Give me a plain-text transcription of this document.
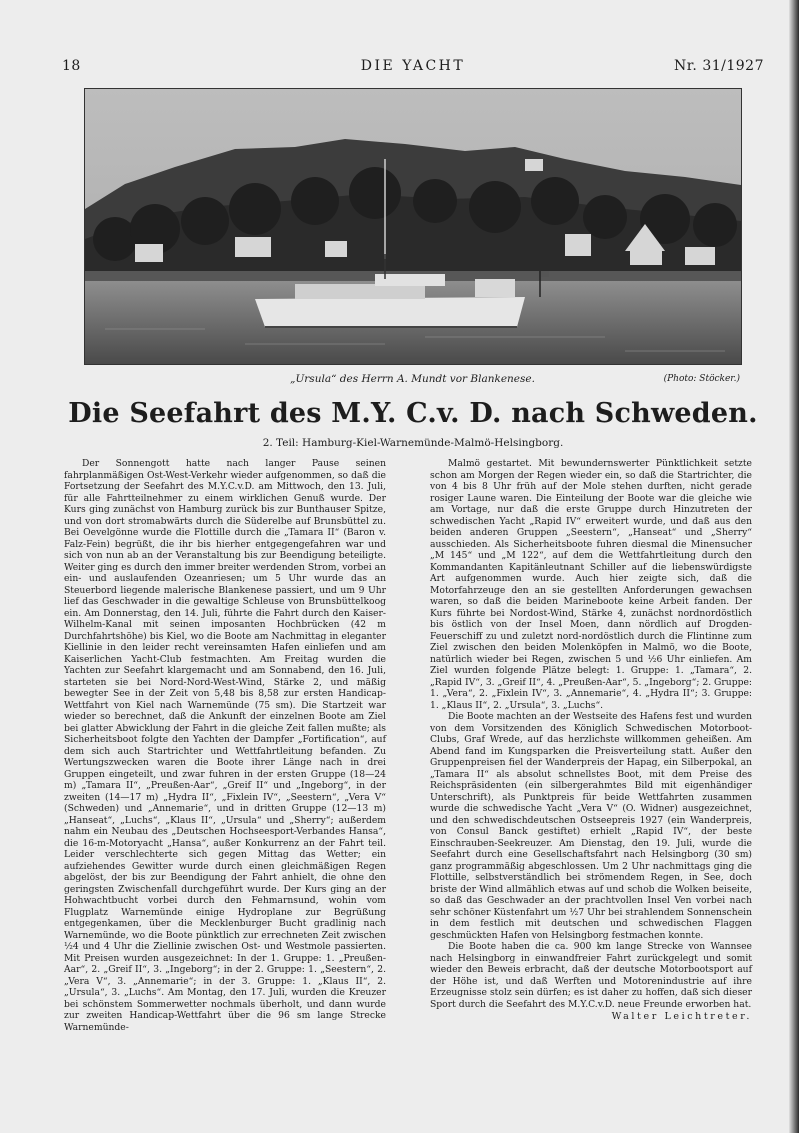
18	DIE YACHT	Nr. 31/1927
„Ursula“ des Herrn A. Mundt vor Blankenese.	(Photo: Stöcker.)
Die Seefahrt des M.Y. C.v. D. nach Schweden.
2. Teil: Hamburg-Kiel-Warnemünde-Malmö-Helsingborg.

Der Sonnengott hatte nach langer Pause seinen fahrplanmäßigen Ost-West-Verkehr wieder aufgenommen, so daß die Fortsetzung der Seefahrt des M.Y.C.v.D. am Mittwoch, den 13. Juli, für alle Fahrtteilnehmer zu einem wirklichen Genuß wurde. Der Kurs ging zunächst von Hamburg zurück bis zur Bunthauser Spitze, und von dort stromabwärts durch die Süderelbe auf Brunsbüttel zu. Bei Oevelgönne wurde die Flottille durch die „Tamara II“ (Baron v. Falz-Fein) begrüßt, die ihr bis hierher entgegengefahren war und sich von nun ab an der Veranstaltung bis zur Beendigung beteiligte. Weiter ging es durch den immer breiter werdenden Strom, vorbei an ein- und auslaufenden Ozeanriesen; um 5 Uhr wurde das an Steuerbord liegende malerische Blankenese passiert, und um 9 Uhr lief das Geschwader in die gewaltige Schleuse von Brunsbüttelkoog ein. Am Donnerstag, den 14. Juli, führte die Fahrt durch den Kaiser-Wilhelm-Kanal mit seinen imposanten Hochbrücken (42 m Durchfahrtshöhe) bis Kiel, wo die Boote am Nachmittag in eleganter Kiellinie in den leider recht vereinsamten Hafen einliefen und am Kaiserlichen Yacht-Club festmachten. Am Freitag wurden die Yachten zur Seefahrt klargemacht und am Sonnabend, den 16. Juli, starteten sie bei Nord-Nord-West-Wind, Stärke 2, und mäßig bewegter See in der Zeit von 5,48 bis 8,58 zur ersten Handicap-Wettfahrt von Kiel nach Warnemünde (75 sm). Die Startzeit war wieder so berechnet, daß die Ankunft der einzelnen Boote am Ziel bei glatter Abwicklung der Fahrt in die gleiche Zeit fallen mußte; als Sicherheitsboot folgte den Yachten der Dampfer „Fortification“, auf dem sich auch Startrichter und Wettfahrtleitung befanden. Zu Wertungszwecken waren die Boote ihrer Länge nach in drei Gruppen eingeteilt, und zwar fuhren in der ersten Gruppe (18—24 m) „Tamara II“, „Preußen-Aar“, „Greif II“ und „Ingeborg“, in der zweiten (14—17 m) „Hydra II“, „Fixlein IV“, „Seestern“, „Vera V“ (Schweden) und „Annemarie“, und in dritten Gruppe (12—13 m) „Hanseat“, „Luchs“, „Klaus II“, „Ursula“ und „Sherry“; außerdem nahm ein Neubau des „Deutschen Hochseesport-Verbandes Hansa“, die 16-m-Motoryacht „Hansa“, außer Konkurrenz an der Fahrt teil. Leider verschlechterte sich gegen Mittag das Wetter; ein aufziehendes Gewitter wurde durch einen gleichmäßigen Regen abgelöst, der bis zur Beendigung der Fahrt anhielt, die ohne den geringsten Zwischenfall durchgeführt wurde. Der Kurs ging an der Hohwachtbucht vorbei durch den Fehmarnsund, wohin vom Flugplatz Warnemünde einige Hydroplane zur Begrüßung entgegenkamen, über die Mecklenburger Bucht gradlinig nach Warnemünde, wo die Boote pünktlich zur errechneten Zeit zwischen ½4 und 4 Uhr die Ziellinie zwischen Ost- und Westmole passierten. Mit Preisen wurden ausgezeichnet: In der 1. Gruppe: 1. „Preußen-Aar“, 2. „Greif II“, 3. „Ingeborg“; in der 2. Gruppe: 1. „Seestern“, 2. „Vera V“, 3. „Annemarie“; in der 3. Gruppe: 1. „Klaus II“, 2. „Ursula“, 3. „Luchs“. Am Montag, den 17. Juli, wurden die Kreuzer bei schönstem Sommerwetter nochmals überholt, und dann wurde zur zweiten Handicap-Wettfahrt über die 96 sm lange Strecke Warnemünde-

Malmö gestartet. Mit bewundernswerter Pünktlichkeit setzte schon am Morgen der Regen wieder ein, so daß die Startrichter, die von 4 bis 8 Uhr früh auf der Mole stehen durften, nicht gerade rosiger Laune waren. Die Einteilung der Boote war die gleiche wie am Vortage, nur daß die erste Gruppe durch Hinzutreten der schwedischen Yacht „Rapid IV“ erweitert wurde, und daß aus den beiden anderen Gruppen „Seestern“, „Hanseat“ und „Sherry“ ausschieden. Als Sicherheitsboote fuhren diesmal die Minensucher „M 145“ und „M 122“, auf dem die Wettfahrtleitung durch den Kommandanten Kapitänleutnant Schiller auf die liebenswürdigste Art aufgenommen wurde. Auch hier zeigte sich, daß die Motorfahrzeuge den an sie gestellten Anforderungen gewachsen waren, so daß die beiden Marineboote keine Arbeit fanden. Der Kurs führte bei Nordost-Wind, Stärke 4, zunächst nordnordöstlich bis östlich von der Insel Moen, dann nördlich auf Drogden-Feuerschiff zu und zuletzt nord-nordöstlich durch die Flintinne zum Ziel zwischen den beiden Molenköpfen in Malmö, wo die Boote, natürlich wieder bei Regen, zwischen 5 und ½6 Uhr einliefen. Am Ziel wurden folgende Plätze belegt: 1. Gruppe: 1. „Tamara“, 2. „Rapid IV“, 3. „Greif II“, 4. „Preußen-Aar“, 5. „Ingeborg“; 2. Gruppe: 1. „Vera“, 2. „Fixlein IV“, 3. „Annemarie“, 4. „Hydra II“; 3. Gruppe: 1. „Klaus II“, 2. „Ursula“, 3. „Luchs“.

Die Boote machten an der Westseite des Hafens fest und wurden von dem Vorsitzenden des Königlich Schwedischen Motorboot-Clubs, Graf Wrede, auf das herzlichste willkommen geheißen. Am Abend fand im Kungsparken die Preisverteilung statt. Außer den Gruppenpreisen fiel der Wanderpreis der Hapag, ein Silberpokal, an „Tamara II“ als absolut schnellstes Boot, mit dem Preise des Reichspräsidenten (ein silbergerahmtes Bild mit eigenhändiger Unterschrift), als Punktpreis für beide Wettfahrten zusammen wurde die schwedische Yacht „Vera V“ (O. Widner) ausgezeichnet, und den schwedischdeutschen Ostseepreis 1927 (ein Wanderpreis, von Consul Banck gestiftet) erhielt „Rapid IV“, der beste Einschrauben-Seekreuzer. Am Dienstag, den 19. Juli, wurde die Seefahrt durch eine Gesellschaftsfahrt nach Helsingborg (30 sm) ganz programmäßig abgeschlossen. Um 2 Uhr nachmittags ging die Flottille, selbstverständlich bei strömendem Regen, in See, doch briste der Wind allmählich etwas auf und schob die Wolken beiseite, so daß das Geschwader an der prachtvollen Insel Ven vorbei nach sehr schöner Küstenfahrt um ½7 Uhr bei strahlendem Sonnenschein in dem festlich mit deutschen und schwedischen Flaggen geschmückten Hafen von Helsingborg festmachen konnte.

Die Boote haben die ca. 900 km lange Strecke von Wannsee nach Helsingborg in einwandfreier Fahrt zurückgelegt und somit wieder den Beweis erbracht, daß der deutsche Motorbootsport auf der Höhe ist, und daß Werften und Motorenindustrie auf ihre Erzeugnisse stolz sein dürfen; es ist daher zu hoffen, daß sich dieser Sport durch die Seefahrt des M.Y.C.v.D. neue Freunde erworben hat.

Walter Leichtreter.
